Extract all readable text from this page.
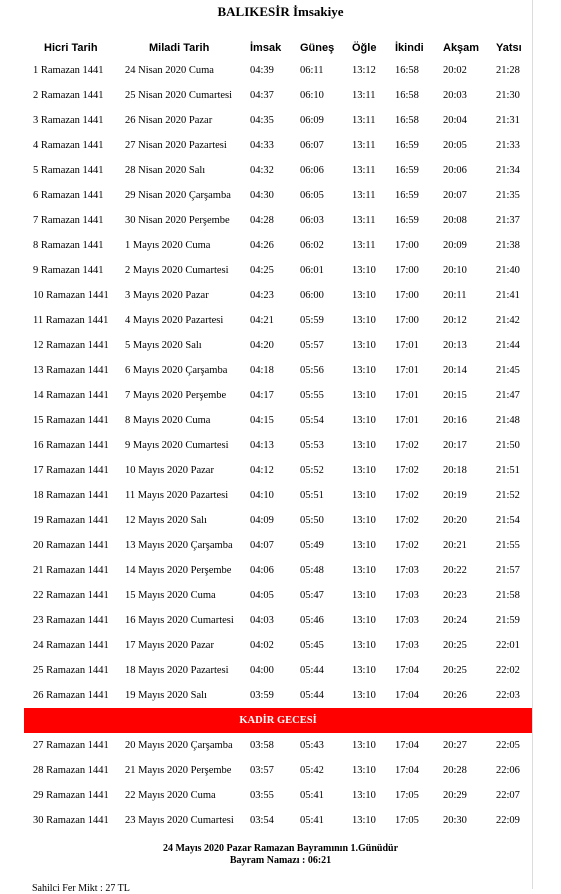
BALIKESİR İmsakiye
Hicri Tarih	Miladi Tarih	İmsak	Güneş	Öğle	İkindi	Akşam	Yatsı
1 Ramazan 1441	24 Nisan 2020 Cuma	04:39	06:11	13:12	16:58	20:02	21:28
2 Ramazan 1441	25 Nisan 2020 Cumartesi	04:37	06:10	13:11	16:58	20:03	21:30
3 Ramazan 1441	26 Nisan 2020 Pazar	04:35	06:09	13:11	16:58	20:04	21:31
4 Ramazan 1441	27 Nisan 2020 Pazartesi	04:33	06:07	13:11	16:59	20:05	21:33
5 Ramazan 1441	28 Nisan 2020 Salı	04:32	06:06	13:11	16:59	20:06	21:34
6 Ramazan 1441	29 Nisan 2020 Çarşamba	04:30	06:05	13:11	16:59	20:07	21:35
7 Ramazan 1441	30 Nisan 2020 Perşembe	04:28	06:03	13:11	16:59	20:08	21:37
8 Ramazan 1441	1 Mayıs 2020 Cuma	04:26	06:02	13:11	17:00	20:09	21:38
9 Ramazan 1441	2 Mayıs 2020 Cumartesi	04:25	06:01	13:10	17:00	20:10	21:40
10 Ramazan 1441	3 Mayıs 2020 Pazar	04:23	06:00	13:10	17:00	20:11	21:41
11 Ramazan 1441	4 Mayıs 2020 Pazartesi	04:21	05:59	13:10	17:00	20:12	21:42
12 Ramazan 1441	5 Mayıs 2020 Salı	04:20	05:57	13:10	17:01	20:13	21:44
13 Ramazan 1441	6 Mayıs 2020 Çarşamba	04:18	05:56	13:10	17:01	20:14	21:45
14 Ramazan 1441	7 Mayıs 2020 Perşembe	04:17	05:55	13:10	17:01	20:15	21:47
15 Ramazan 1441	8 Mayıs 2020 Cuma	04:15	05:54	13:10	17:01	20:16	21:48
16 Ramazan 1441	9 Mayıs 2020 Cumartesi	04:13	05:53	13:10	17:02	20:17	21:50
17 Ramazan 1441	10 Mayıs 2020 Pazar	04:12	05:52	13:10	17:02	20:18	21:51
18 Ramazan 1441	11 Mayıs 2020 Pazartesi	04:10	05:51	13:10	17:02	20:19	21:52
19 Ramazan 1441	12 Mayıs 2020 Salı	04:09	05:50	13:10	17:02	20:20	21:54
20 Ramazan 1441	13 Mayıs 2020 Çarşamba	04:07	05:49	13:10	17:02	20:21	21:55
21 Ramazan 1441	14 Mayıs 2020 Perşembe	04:06	05:48	13:10	17:03	20:22	21:57
22 Ramazan 1441	15 Mayıs 2020 Cuma	04:05	05:47	13:10	17:03	20:23	21:58
23 Ramazan 1441	16 Mayıs 2020 Cumartesi	04:03	05:46	13:10	17:03	20:24	21:59
24 Ramazan 1441	17 Mayıs 2020 Pazar	04:02	05:45	13:10	17:03	20:25	22:01
25 Ramazan 1441	18 Mayıs 2020 Pazartesi	04:00	05:44	13:10	17:04	20:25	22:02
26 Ramazan 1441	19 Mayıs 2020 Salı	03:59	05:44	13:10	17:04	20:26	22:03
KADİR GECESİ							
27 Ramazan 1441	20 Mayıs 2020 Çarşamba	03:58	05:43	13:10	17:04	20:27	22:05
28 Ramazan 1441	21 Mayıs 2020 Perşembe	03:57	05:42	13:10	17:04	20:28	22:06
29 Ramazan 1441	22 Mayıs 2020 Cuma	03:55	05:41	13:10	17:05	20:29	22:07
30 Ramazan 1441	23 Mayıs 2020 Cumartesi	03:54	05:41	13:10	17:05	20:30	22:09
24 Mayıs 2020 Pazar Ramazan Bayramının 1.Günüdür
Bayram Namazı : 06:21
Sahilci Fer Mikt : 27 TL
